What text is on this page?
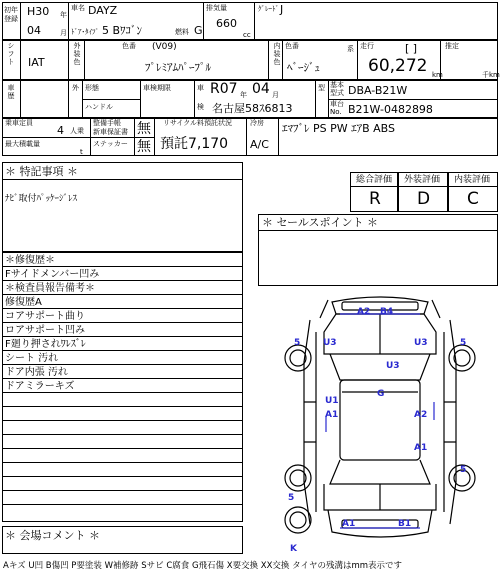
初年
登録
H30 年
04	月
車名 DAYZ
ﾄﾞｱ･ﾀｲﾌﾟ 5 Bﾜｺﾞﾝ	燃料 G
排気量
660
cc
ｸﾞﾚｰﾄﾞ J
シフト IAT	外装色	色番 (V09)
ﾌﾟﾚﾐｱﾑﾊﾟｰﾌﾟﾙ
内装色 色番	系
ﾍﾞｰｼﾞｭ
走行	[ ]
60,272 km
推定
千km
車歴	外 形態
ハンドル
車検期限	車
検
R07 年 04 月
名古屋58ｽ6813
型 基本
型式 DBA-B21W
車台
No. B21W-0482898
乗車定員
4 人乗
最大積載量
t
整備手帳
新車保証書
ステッカー
無
無
リサイクル料預託状況
預託7,170
冷房
A/C
ｴﾏﾌﾞﾚ PS PW ｴｱB ABS
＊ 特記事項 ＊
ﾅﾋﾞ取付ﾊﾟｯｹｰｼﾞﾚｽ
＊修復歴＊
Fサイドメンバー凹み
＊検査員報告備考＊
修復歴A
コアサポート曲り
ロアサポート凹み
F廻り押されﾜﾚｽﾞﾚ
シート 汚れ
ドア内張 汚れ
ドアミラーキズ
＊ 会場コメント ＊
総合評価
R
外装評価
D
内装評価
C
＊ セールスポイント ＊
A2 B4
U3	U3
5	5
U3
G
U1
A1	A2
A1
5
5
A1	B1
K
Aキズ U凹 B傷凹 P要塗装 W補修跡 Sサビ C腐食 G飛石傷 X要交換 XX交換 タイヤの残溝はmm表示です
